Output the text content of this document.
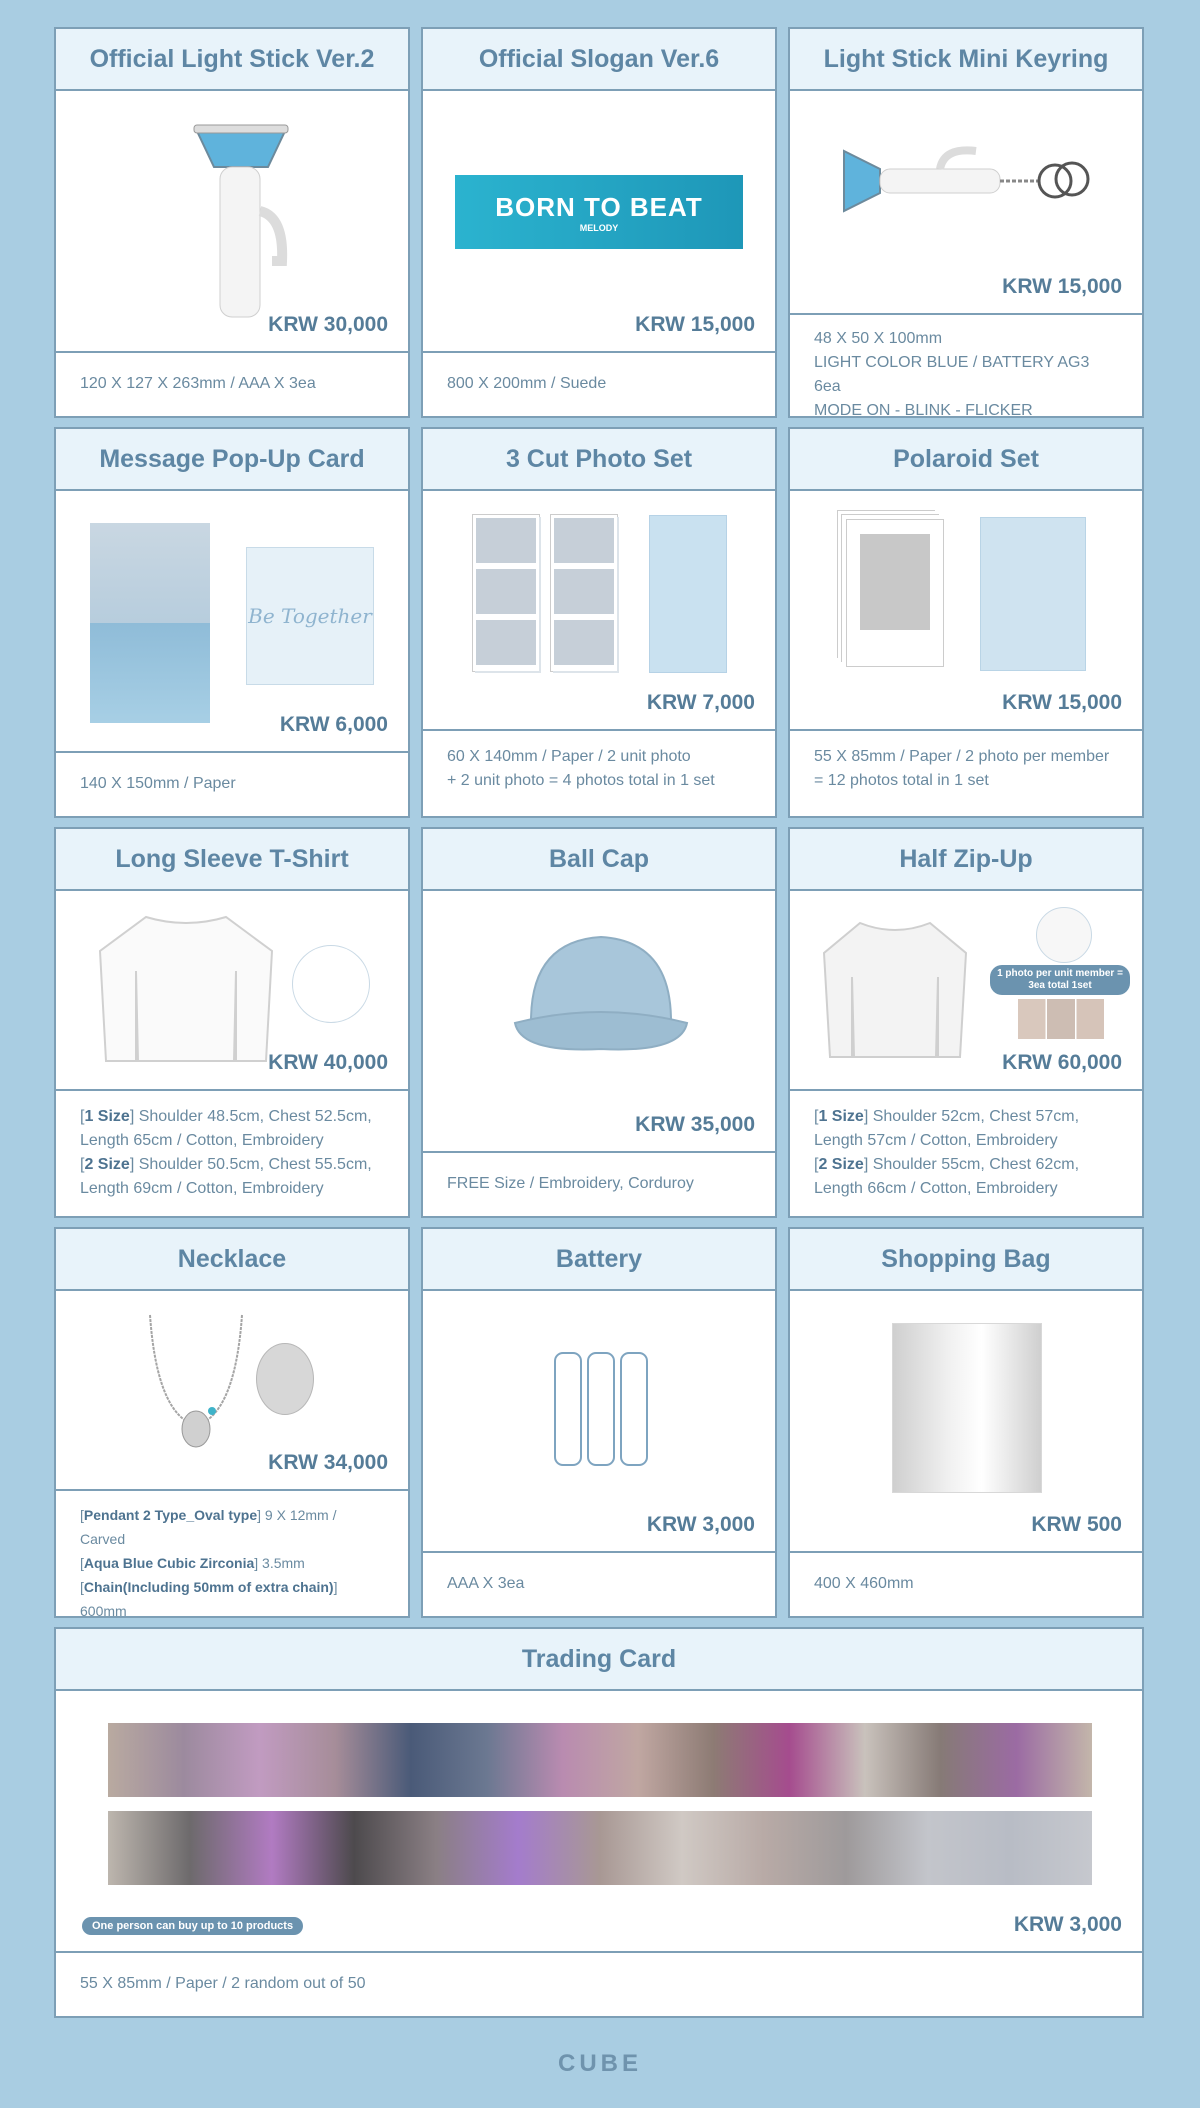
Official Light Stick Ver.2
KRW 30,000
120 X 127 X 263mm / AAA X 3ea
Official Slogan Ver.6
BORN TO BEAT
MELODY
KRW 15,000
800 X 200mm / Suede
Light Stick Mini Keyring
KRW 15,000
48 X 50 X 100mm
LIGHT COLOR BLUE / BATTERY AG3 6ea
MODE ON - BLINK - FLICKER
Message Pop-Up Card
Be Together
KRW 6,000
140 X 150mm / Paper
3 Cut Photo Set
KRW 7,000
60 X 140mm / Paper / 2 unit photo
+ 2 unit photo = 4 photos total in 1 set
Polaroid Set
KRW 15,000
55 X 85mm / Paper / 2 photo per member
= 12 photos total in 1 set
Long Sleeve T-Shirt
KRW 40,000
[1 Size] Shoulder 48.5cm, Chest 52.5cm, Length 65cm / Cotton, Embroidery
[2 Size] Shoulder 50.5cm, Chest 55.5cm, Length 69cm / Cotton, Embroidery
Ball Cap
KRW 35,000
FREE Size / Embroidery, Corduroy
Half Zip-Up
1 photo per unit member = 3ea total 1set
KRW 60,000
[1 Size] Shoulder 52cm, Chest 57cm, Length 57cm / Cotton, Embroidery
[2 Size] Shoulder 55cm, Chest 62cm, Length 66cm / Cotton, Embroidery
Necklace
KRW 34,000
[Pendant 2 Type_Oval type] 9 X 12mm / Carved
[Aqua Blue Cubic Zirconia] 3.5mm
[Chain(Including 50mm of extra chain)] 600mm
Battery
KRW 3,000
AAA X 3ea
Shopping Bag
KRW 500
400 X 460mm
Trading Card
One person can buy up to 10 products	KRW 3,000
55 X 85mm / Paper / 2 random out of 50
CUBE
